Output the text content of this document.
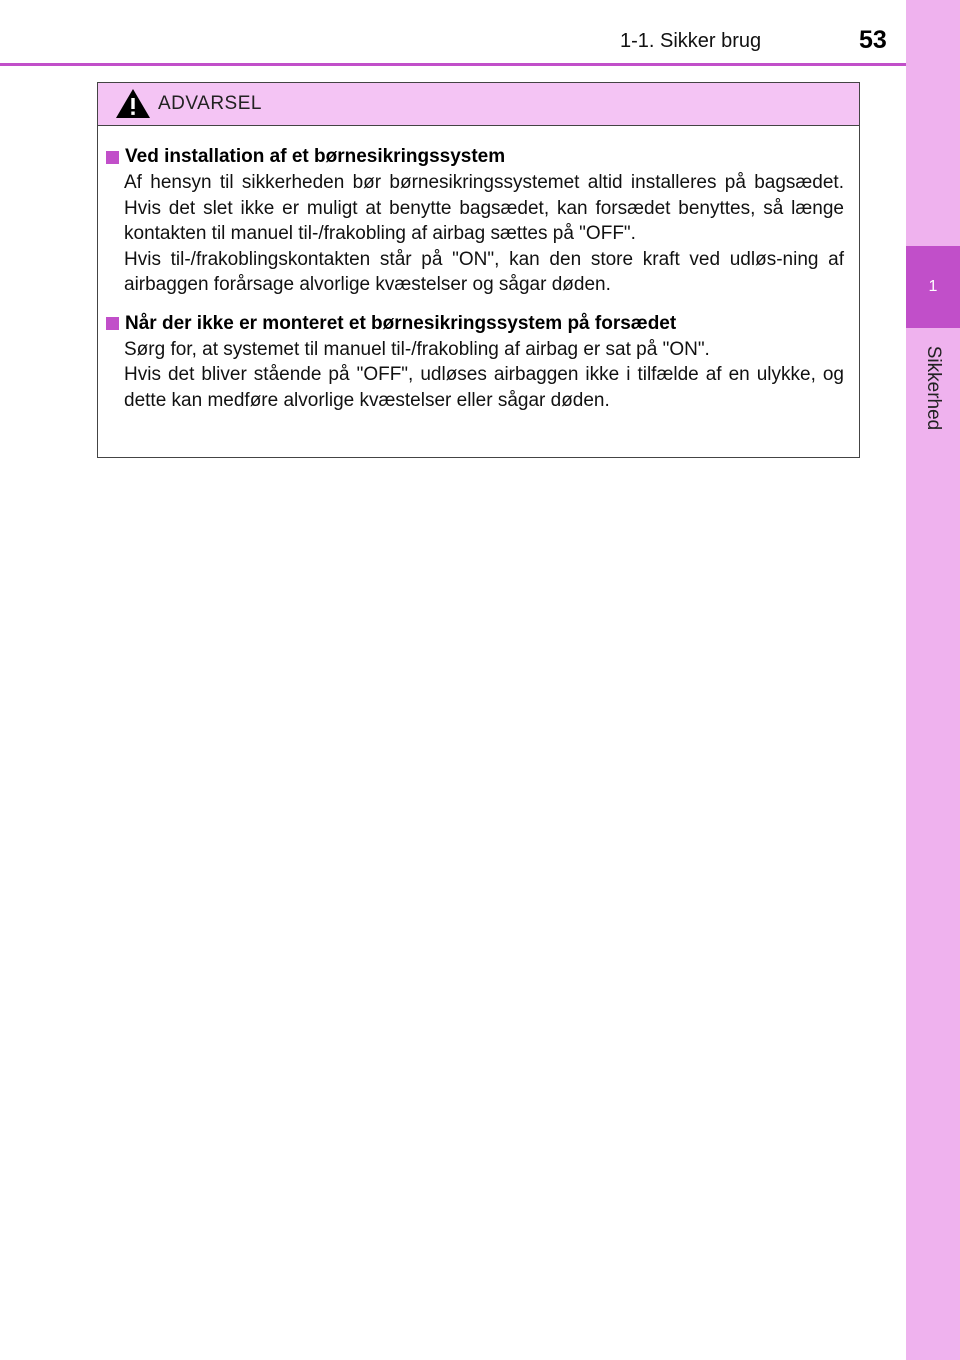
1
Sikkerhed
1-1. Sikker brug	53
ADVARSEL
Ved installation af et børnesikringssystem

Af hensyn til sikkerheden bør børnesikringssystemet altid installeres på bagsædet. Hvis det slet ikke er muligt at benytte bagsædet, kan forsædet benyttes, så længe kontakten til manuel til-/frakobling af airbag sættes på "OFF".

Hvis til-/frakoblingskontakten står på "ON", kan den store kraft ved udløs-ning af airbaggen forårsage alvorlige kvæstelser og sågar døden.

Når der ikke er monteret et børnesikringssystem på forsædet

Sørg for, at systemet til manuel til-/frakobling af airbag er sat på "ON".

Hvis det bliver stående på "OFF", udløses airbaggen ikke i tilfælde af en ulykke, og dette kan medføre alvorlige kvæstelser eller sågar døden.
